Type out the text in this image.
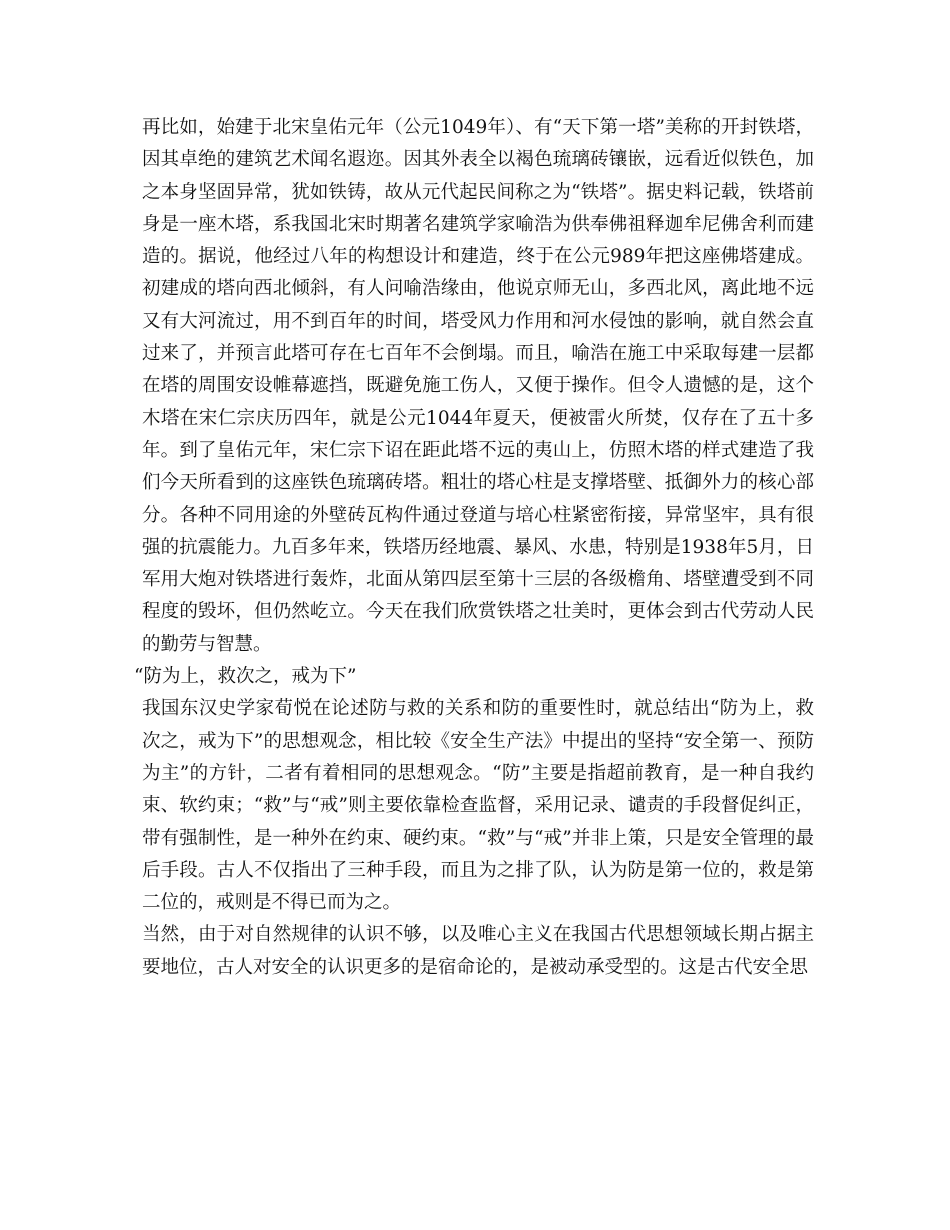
再比如，始建于北宋皇佑元年（公元1049年）、有“天下第一塔”美称的开封铁塔，因其卓绝的建筑艺术闻名遐迩。因其外表全以褐色琉璃砖镶嵌，远看近似铁色，加之本身坚固异常，犹如铁铸，故从元代起民间称之为“铁塔”。据史料记载，铁塔前身是一座木塔，系我国北宋时期著名建筑学家喻浩为供奉佛祖释迦牟尼佛舍利而建造的。据说，他经过八年的构想设计和建造，终于在公元989年把这座佛塔建成。初建成的塔向西北倾斜，有人问喻浩缘由，他说京师无山，多西北风，离此地不远又有大河流过，用不到百年的时间，塔受风力作用和河水侵蚀的影响，就自然会直过来了，并预言此塔可存在七百年不会倒塌。而且，喻浩在施工中采取每建一层都在塔的周围安设帷幕遮挡，既避免施工伤人，又便于操作。但令人遗憾的是，这个木塔在宋仁宗庆历四年，就是公元1044年夏天，便被雷火所焚，仅存在了五十多年。到了皇佑元年，宋仁宗下诏在距此塔不远的夷山上，仿照木塔的样式建造了我们今天所看到的这座铁色琉璃砖塔。粗壮的塔心柱是支撑塔壁、抵御外力的核心部分。各种不同用途的外壁砖瓦构件通过登道与培心柱紧密衔接，异常坚牢，具有很强的抗震能力。九百多年来，铁塔历经地震、暴风、水患，特别是1938年5月，日军用大炮对铁塔进行轰炸，北面从第四层至第十三层的各级檐角、塔壁遭受到不同程度的毁坏，但仍然屹立。今天在我们欣赏铁塔之壮美时，更体会到古代劳动人民的勤劳与智慧。

“防为上，救次之，戒为下”

我国东汉史学家荀悦在论述防与救的关系和防的重要性时，就总结出“防为上，救次之，戒为下”的思想观念，相比较《安全生产法》中提出的坚持“安全第一、预防为主”的方针，二者有着相同的思想观念。“防”主要是指超前教育，是一种自我约束、软约束；“救”与“戒”则主要依靠检查监督，采用记录、谴责的手段督促纠正，带有强制性，是一种外在约束、硬约束。“救”与“戒”并非上策，只是安全管理的最后手段。古人不仅指出了三种手段，而且为之排了队，认为防是第一位的，救是第二位的，戒则是不得已而为之。

当然，由于对自然规律的认识不够，以及唯心主义在我国古代思想领域长期占据主要地位，古人对安全的认识更多的是宿命论的，是被动承受型的。这是古代安全思
